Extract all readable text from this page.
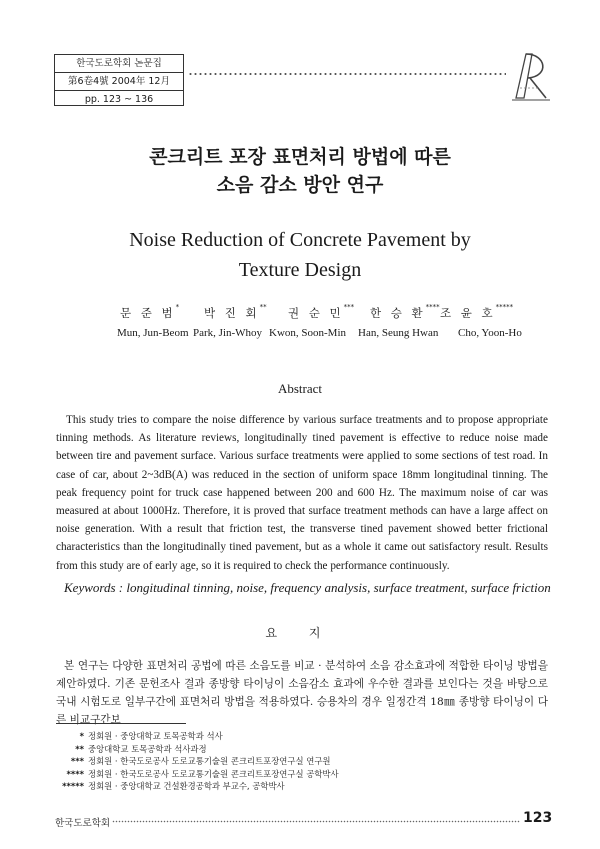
한국도로학회 논문집
第6卷4號 2004年 12月
pp. 123 ~ 136
콘크리트 포장 표면처리 방법에 따른
소음 감소 방안 연구
Noise Reduction of Concrete Pavement by
Texture Design
문 준 범* 박 진 회** 권 순 민*** 한 승 환**** 조 윤 호*****
Mun, Jun-Beom Park, Jin-Whoy Kwon, Soon-Min Han, Seung Hwan Cho, Yoon-Ho
Abstract
This study tries to compare the noise difference by various surface treatments and to propose appropriate tinning methods. As literature reviews, longitudinally tined pavement is effective to reduce noise made between tire and pavement surface. Various surface treatments were applied to some sections of test road. In case of car, about 2~3dB(A) was reduced in the section of uniform space 18mm longitudinal tinning. The peak frequency point for truck case happened between 200 and 600 Hz. The maximum noise of car was measured at about 1000Hz. Therefore, it is proved that surface treatment methods can have a large affect on noise generation. With a result that friction test, the transverse tined pavement showed better frictional characteristics than the longitudinally tined pavement, but as a whole it came out satisfactory result. Results from this study are of early age, so it is required to check the performance continuously.
Keywords : longitudinal tinning, noise, frequency analysis, surface treatment, surface friction
요 지
본 연구는 다양한 표면처리 공법에 따른 소음도를 비교 · 분석하여 소음 감소효과에 적합한 타이닝 방법을 제안하였다. 기존 문헌조사 결과 종방향 타이닝이 소음감소 효과에 우수한 결과를 보인다는 것을 바탕으로 국내 시험도로 일부구간에 표면처리 방법을 적용하였다. 승용차의 경우 일정간격 18㎜ 종방향 타이닝이 다른 비교구간보
* 정회원 · 중앙대학교 토목공학과 석사
** 중앙대학교 토목공학과 석사과정
*** 정회원 · 한국도로공사 도로교통기술원 콘크리트포장연구실 연구원
**** 정회원 · 한국도로공사 도로교통기술원 콘크리트포장연구실 공학박사
***** 정회원 · 중앙대학교 건설환경공학과 부교수, 공학박사
한국도로학회	123
